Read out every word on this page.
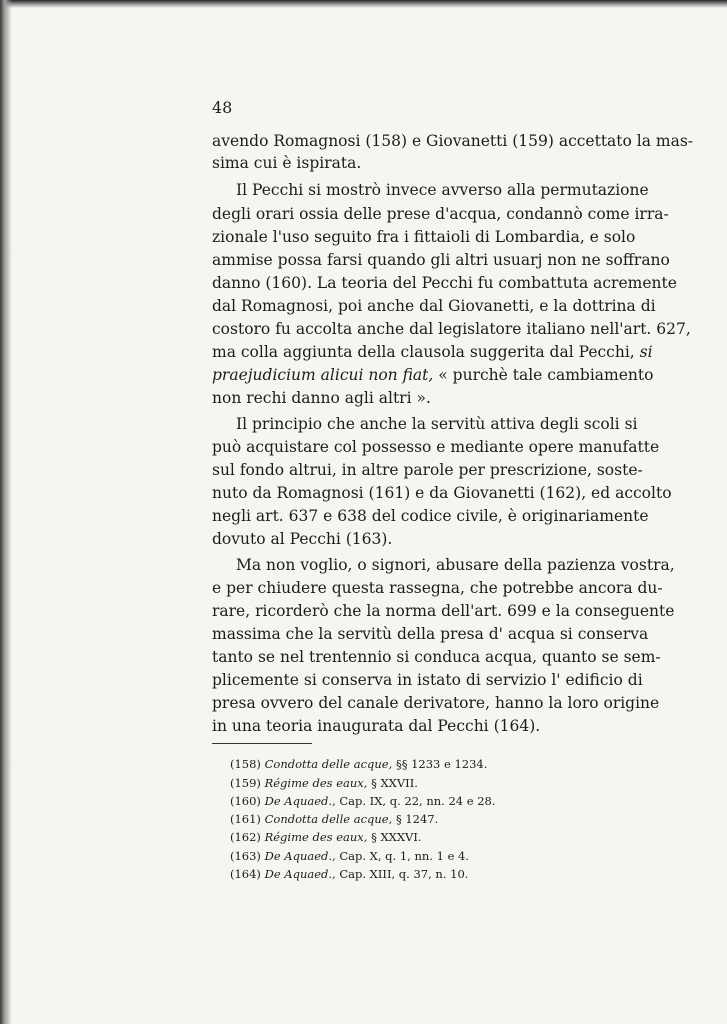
48
avendo Romagnosi (158) e Giovanetti (159) accettato la mas-
sima cui è ispirata.
Il Pecchi si mostrò invece avverso alla permutazione
degli orari ossia delle prese d'acqua, condannò come irra-
zionale l'uso seguito fra i fittaioli di Lombardia, e solo
ammise possa farsi quando gli altri usuarj non ne soffrano
danno (160). La teoria del Pecchi fu combattuta acremente
dal Romagnosi, poi anche dal Giovanetti, e la dottrina di
costoro fu accolta anche dal legislatore italiano nell'art. 627,
ma colla aggiunta della clausola suggerita dal Pecchi, si
praejudicium alicui non fiat, « purchè tale cambiamento
non rechi danno agli altri ».
Il principio che anche la servitù attiva degli scoli si
può acquistare col possesso e mediante opere manufatte
sul fondo altrui, in altre parole per prescrizione, soste-
nuto da Romagnosi (161) e da Giovanetti (162), ed accolto
negli art. 637 e 638 del codice civile, è originariamente
dovuto al Pecchi (163).
Ma non voglio, o signori, abusare della pazienza vostra,
e per chiudere questa rassegna, che potrebbe ancora du-
rare, ricorderò che la norma dell'art. 699 e la conseguente
massima che la servitù della presa d' acqua si conserva
tanto se nel trentennio si conduca acqua, quanto se sem-
plicemente si conserva in istato di servizio l' edificio di
presa ovvero del canale derivatore, hanno la loro origine
in una teoria inaugurata dal Pecchi (164).
(158) Condotta delle acque, §§ 1233 e 1234.
(159) Régime des eaux, § XXVII.
(160) De Aquaed., Cap. IX, q. 22, nn. 24 e 28.
(161) Condotta delle acque, § 1247.
(162) Régime des eaux, § XXXVI.
(163) De Aquaed., Cap. X, q. 1, nn. 1 e 4.
(164) De Aquaed., Cap. XIII, q. 37, n. 10.
